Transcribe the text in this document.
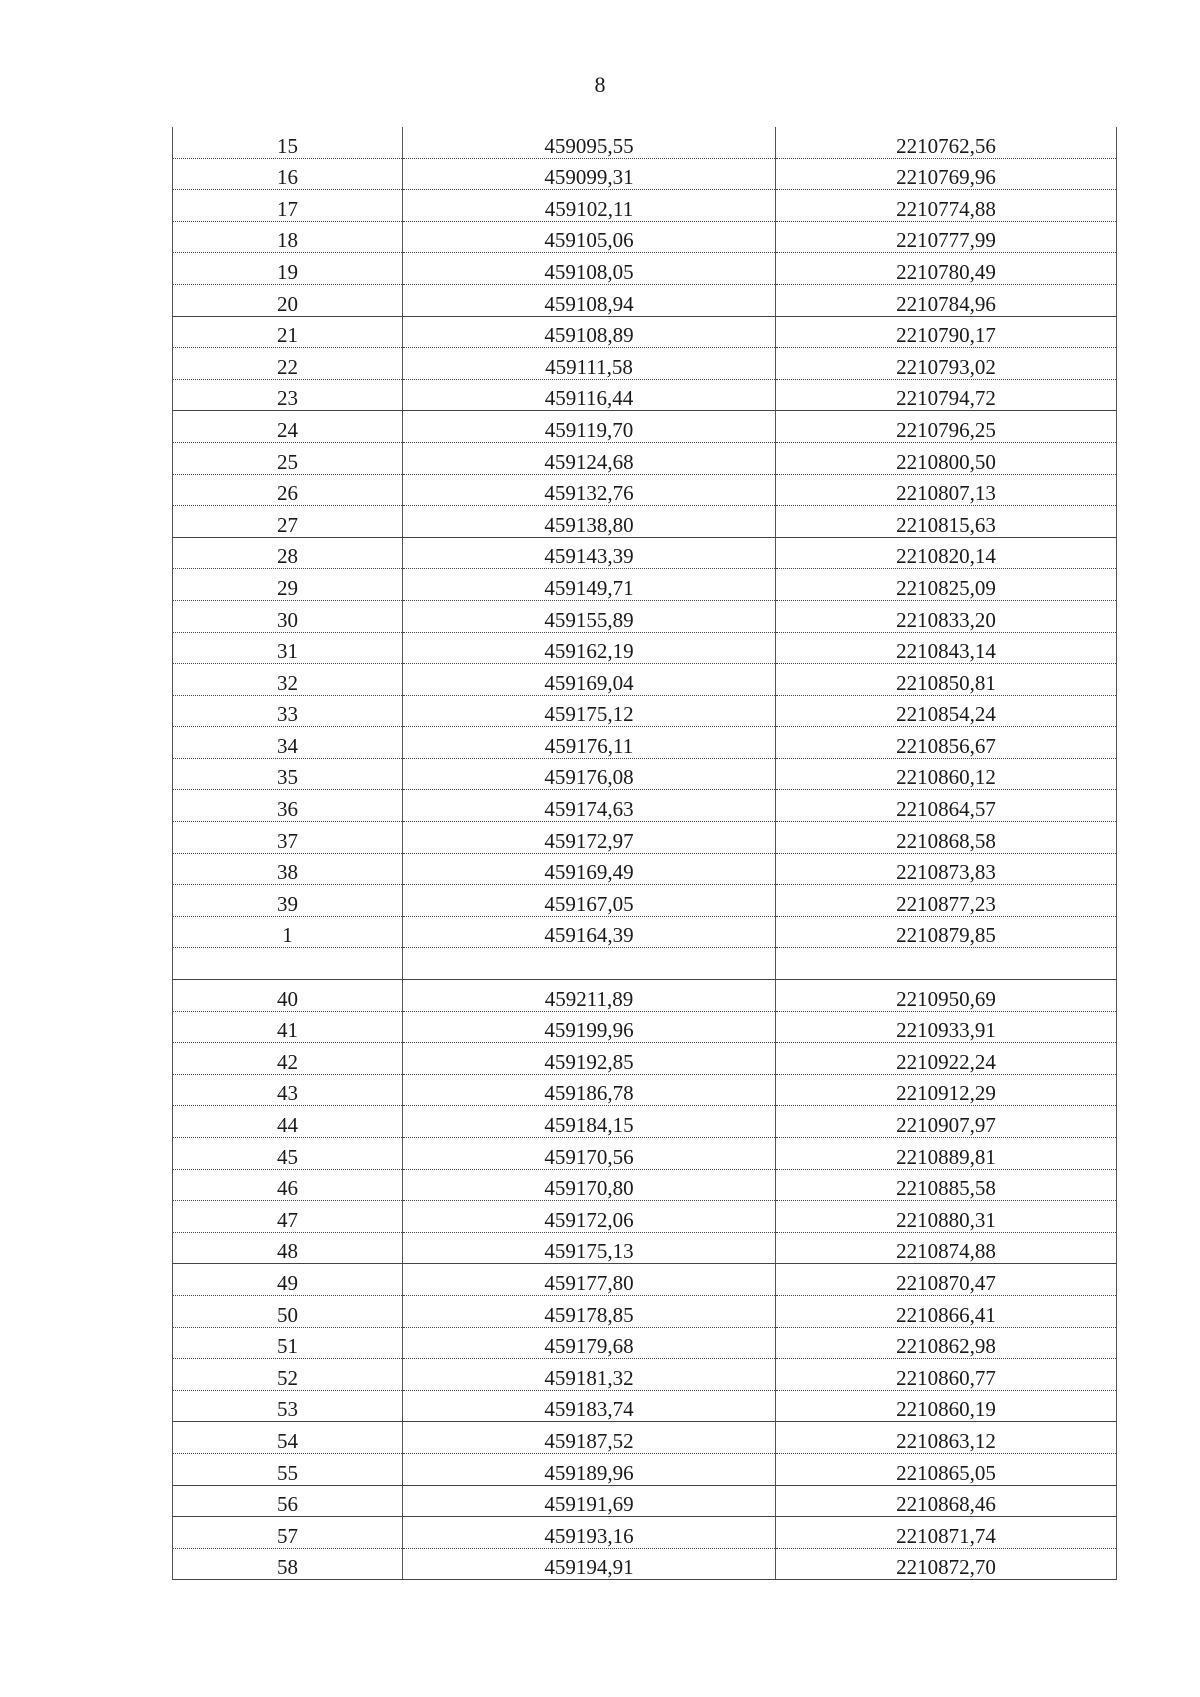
8
15	459095,55	2210762,56
16	459099,31	2210769,96
17	459102,11	2210774,88
18	459105,06	2210777,99
19	459108,05	2210780,49
20	459108,94	2210784,96
21	459108,89	2210790,17
22	459111,58	2210793,02
23	459116,44	2210794,72
24	459119,70	2210796,25
25	459124,68	2210800,50
26	459132,76	2210807,13
27	459138,80	2210815,63
28	459143,39	2210820,14
29	459149,71	2210825,09
30	459155,89	2210833,20
31	459162,19	2210843,14
32	459169,04	2210850,81
33	459175,12	2210854,24
34	459176,11	2210856,67
35	459176,08	2210860,12
36	459174,63	2210864,57
37	459172,97	2210868,58
38	459169,49	2210873,83
39	459167,05	2210877,23
1	459164,39	2210879,85

40	459211,89	2210950,69
41	459199,96	2210933,91
42	459192,85	2210922,24
43	459186,78	2210912,29
44	459184,15	2210907,97
45	459170,56	2210889,81
46	459170,80	2210885,58
47	459172,06	2210880,31
48	459175,13	2210874,88
49	459177,80	2210870,47
50	459178,85	2210866,41
51	459179,68	2210862,98
52	459181,32	2210860,77
53	459183,74	2210860,19
54	459187,52	2210863,12
55	459189,96	2210865,05
56	459191,69	2210868,46
57	459193,16	2210871,74
58	459194,91	2210872,70
